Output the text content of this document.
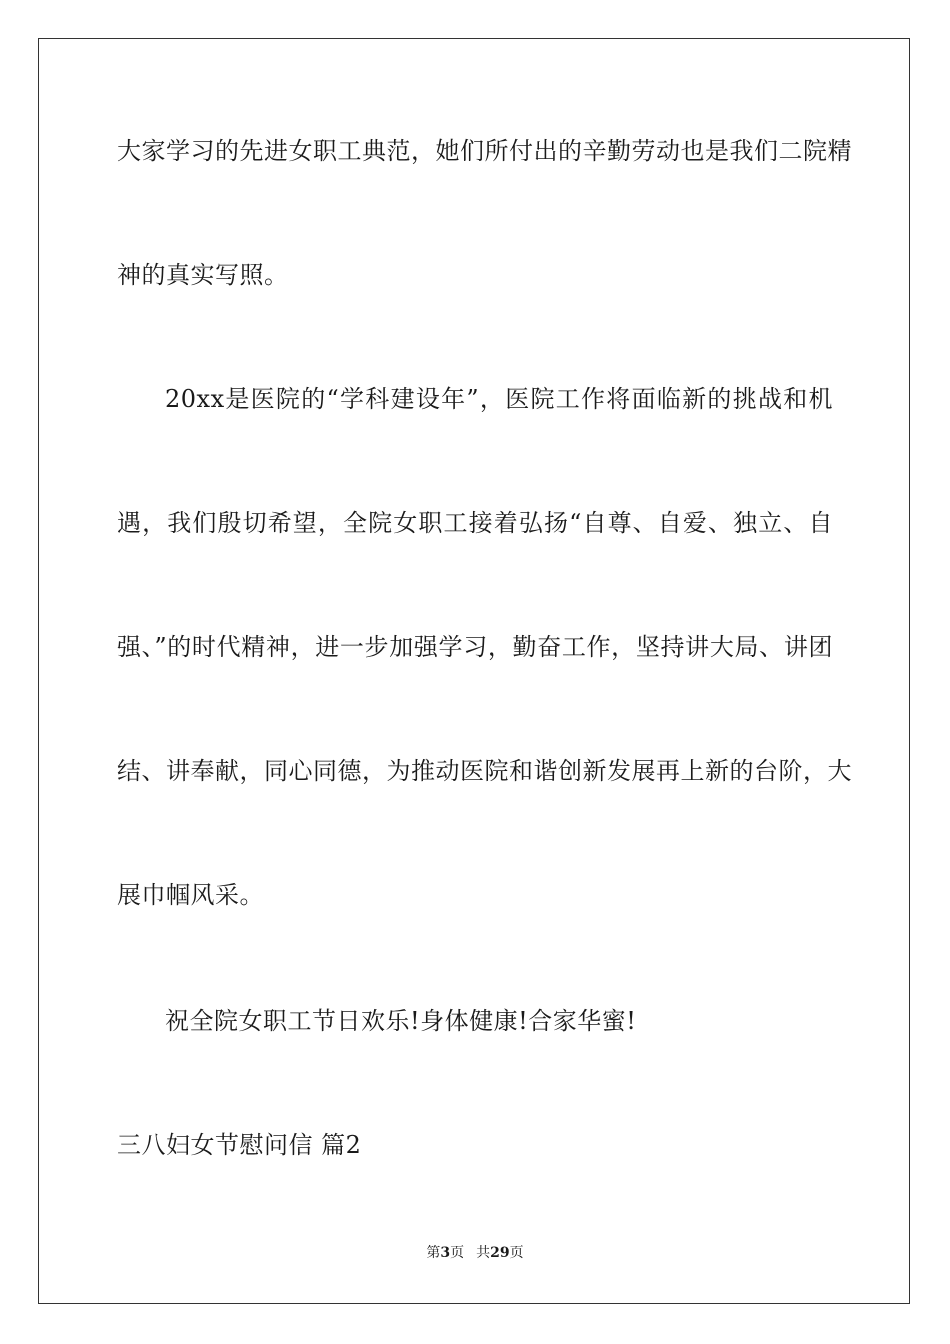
大家学习的先进女职工典范，她们所付出的辛勤劳动也是我们二院精
神的真实写照。
20xx是医院的“学科建设年”，医院工作将面临新的挑战和机
遇，我们殷切希望，全院女职工接着弘扬“自尊、自爱、独立、自
强、”的时代精神，进一步加强学习，勤奋工作，坚持讲大局、讲团
结、讲奉献，同心同德，为推动医院和谐创新发展再上新的台阶，大
展巾帼风采。
祝全院女职工节日欢乐!身体健康!合家华蜜!
三八妇女节慰问信 篇2
第3页 共29页
